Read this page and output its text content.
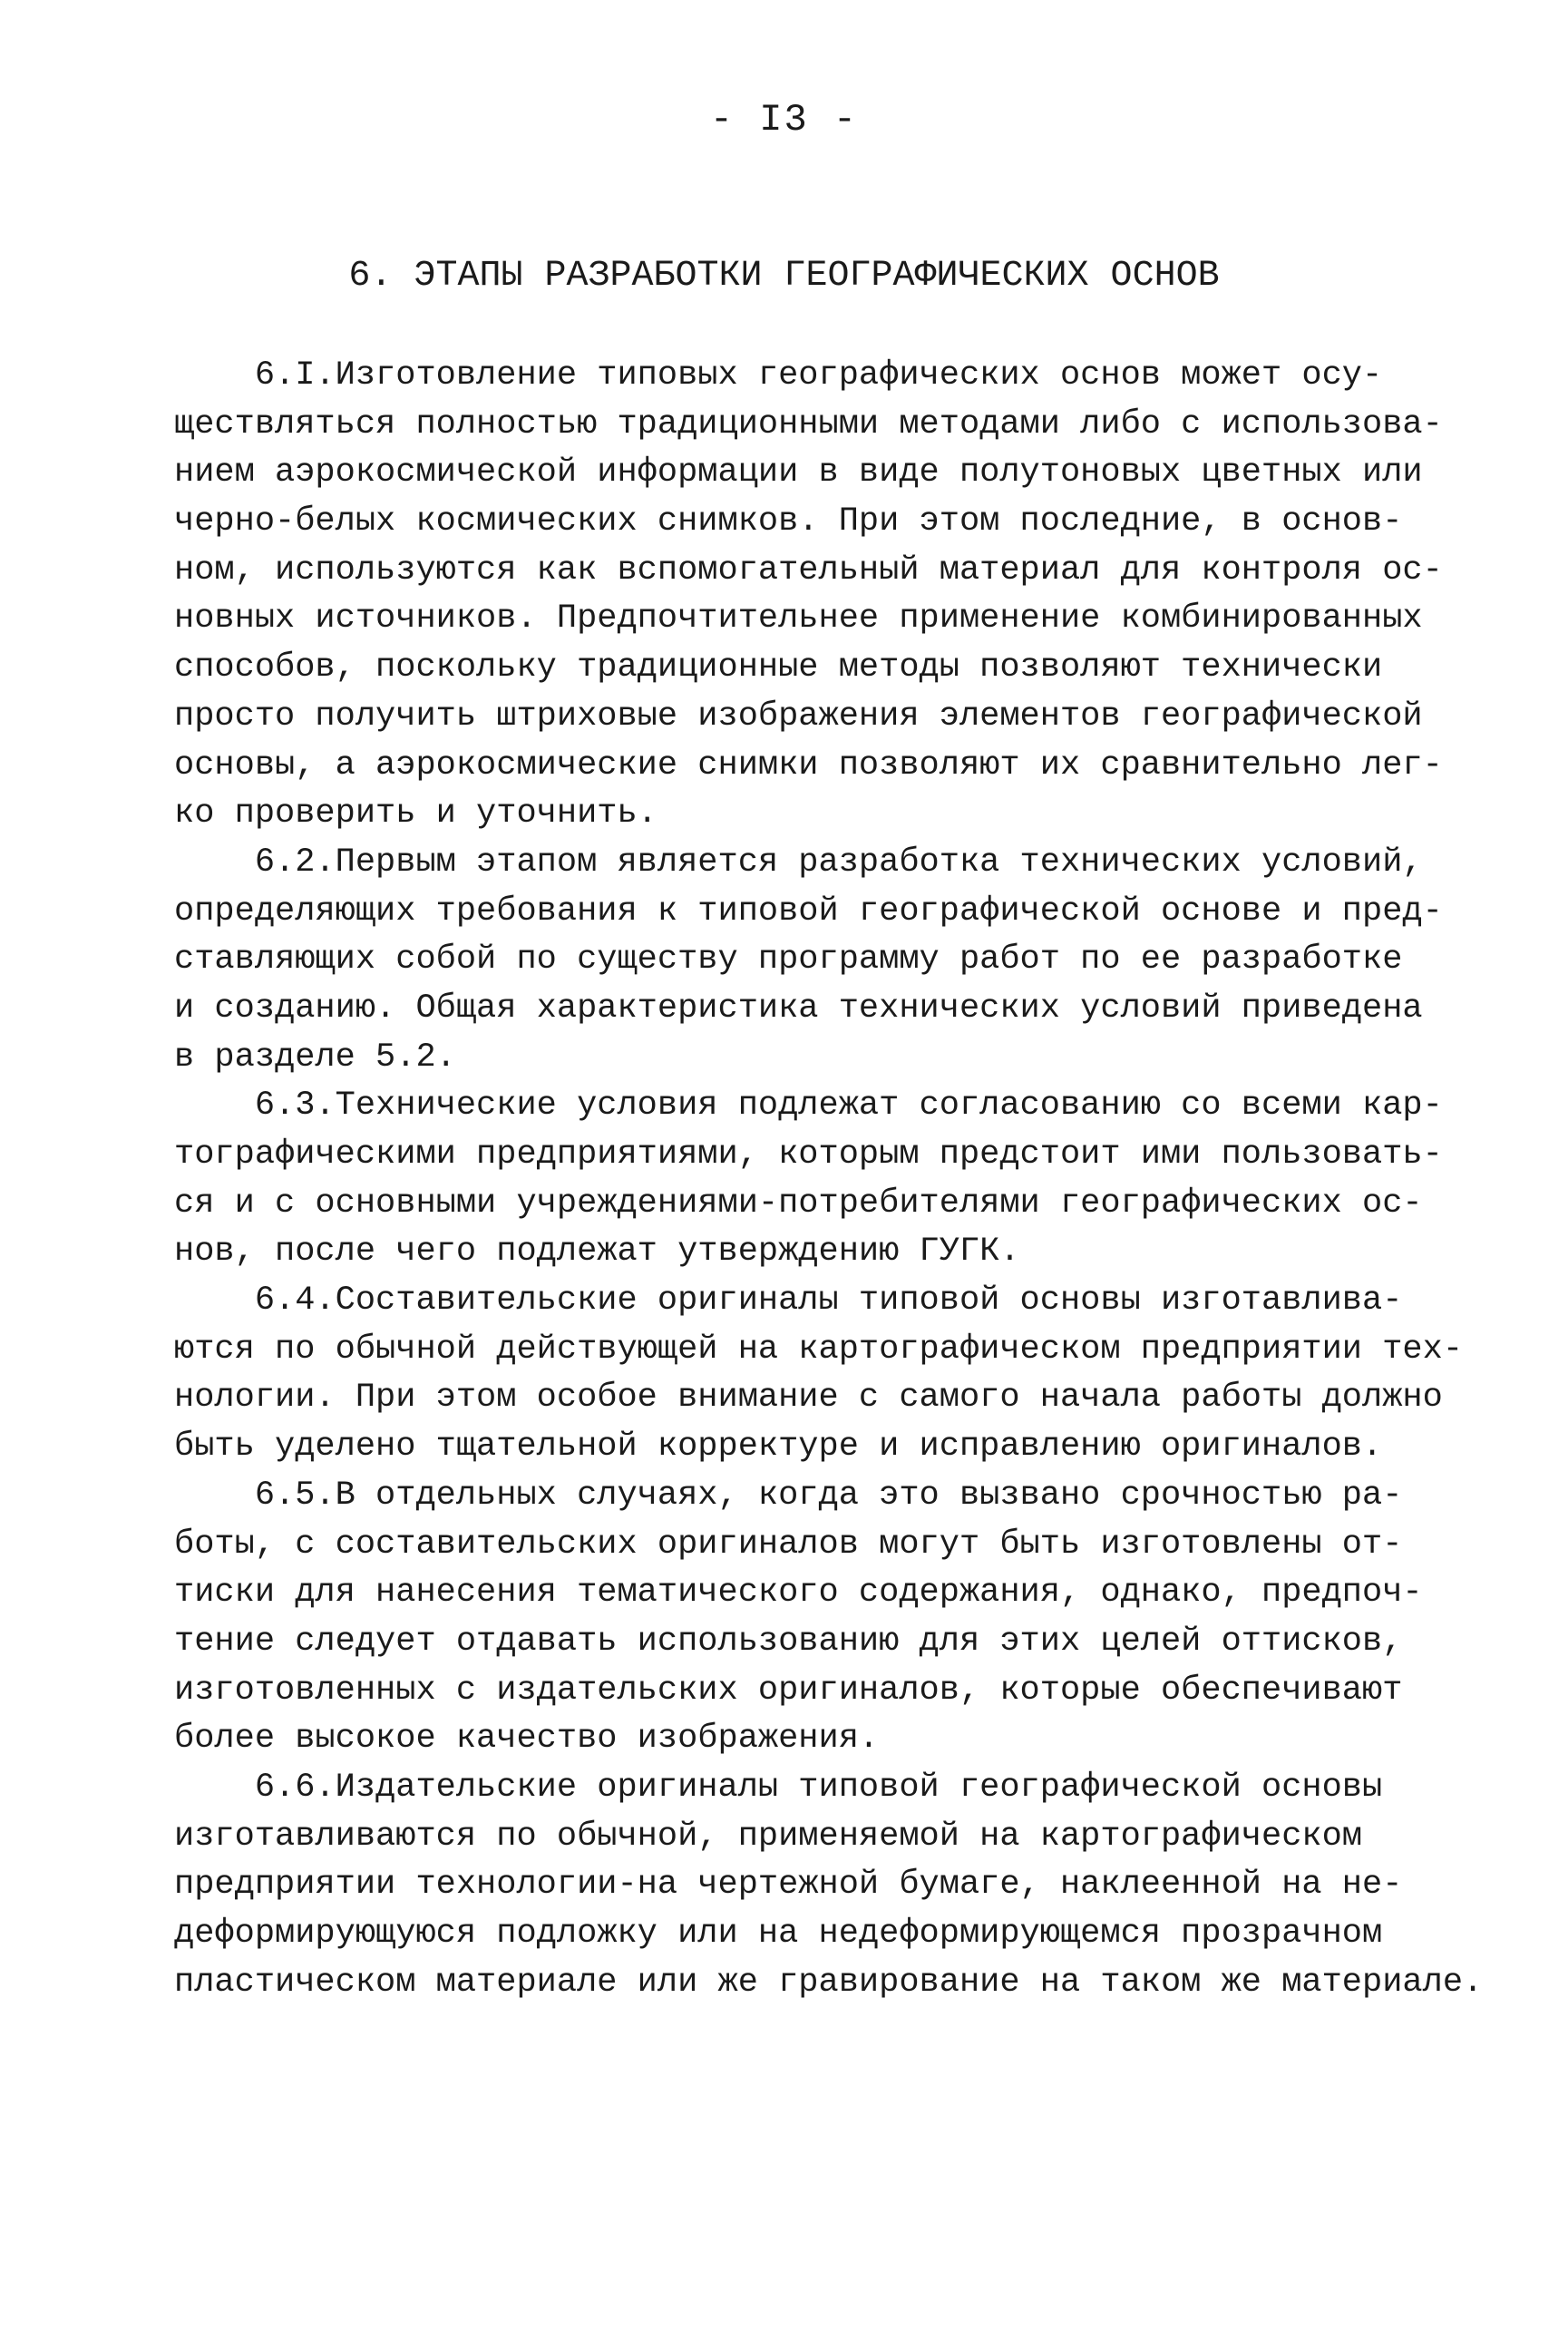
- I3 -
6. ЭТАПЫ РАЗРАБОТКИ ГЕОГРАФИЧЕСКИХ ОСНОВ
6.I.Изготовление типовых географических основ может осу-
ществляться полностью традиционными методами либо с использова-
нием аэрокосмической информации в виде полутоновых цветных или
черно-белых космических снимков. При этом последние, в основ-
ном, используются как вспомогательный материал для контроля ос-
новных источников. Предпочтительнее применение комбинированных
способов, поскольку традиционные методы позволяют технически
просто получить штриховые изображения элементов географической
основы, а аэрокосмические снимки позволяют их сравнительно лег-
ко проверить и уточнить.
6.2.Первым этапом является разработка технических условий,
определяющих требования к типовой географической основе и пред-
ставляющих собой по существу программу работ по ее разработке
и созданию. Общая характеристика технических условий приведена
в разделе 5.2.
6.3.Технические условия подлежат согласованию со всеми кар-
тографическими предприятиями, которым предстоит ими пользовать-
ся и с основными учреждениями-потребителями географических ос-
нов, после чего подлежат утверждению ГУГК.
6.4.Составительские оригиналы типовой основы изготавлива-
ются по обычной действующей на картографическом предприятии тех-
нологии. При этом особое внимание с самого начала работы должно
быть уделено тщательной корректуре и исправлению оригиналов.
6.5.В отдельных случаях, когда это вызвано срочностью ра-
боты, с составительских оригиналов могут быть изготовлены от-
тиски для нанесения тематического содержания, однако, предпоч-
тение следует отдавать использованию для этих целей оттисков,
изготовленных с издательских оригиналов, которые обеспечивают
более высокое качество изображения.
6.6.Издательские оригиналы типовой географической основы
изготавливаются по обычной, применяемой на картографическом
предприятии технологии-на чертежной бумаге, наклеенной на не-
деформирующуюся подложку или на недеформирующемся прозрачном
пластическом материале или же гравирование на таком же материале.
